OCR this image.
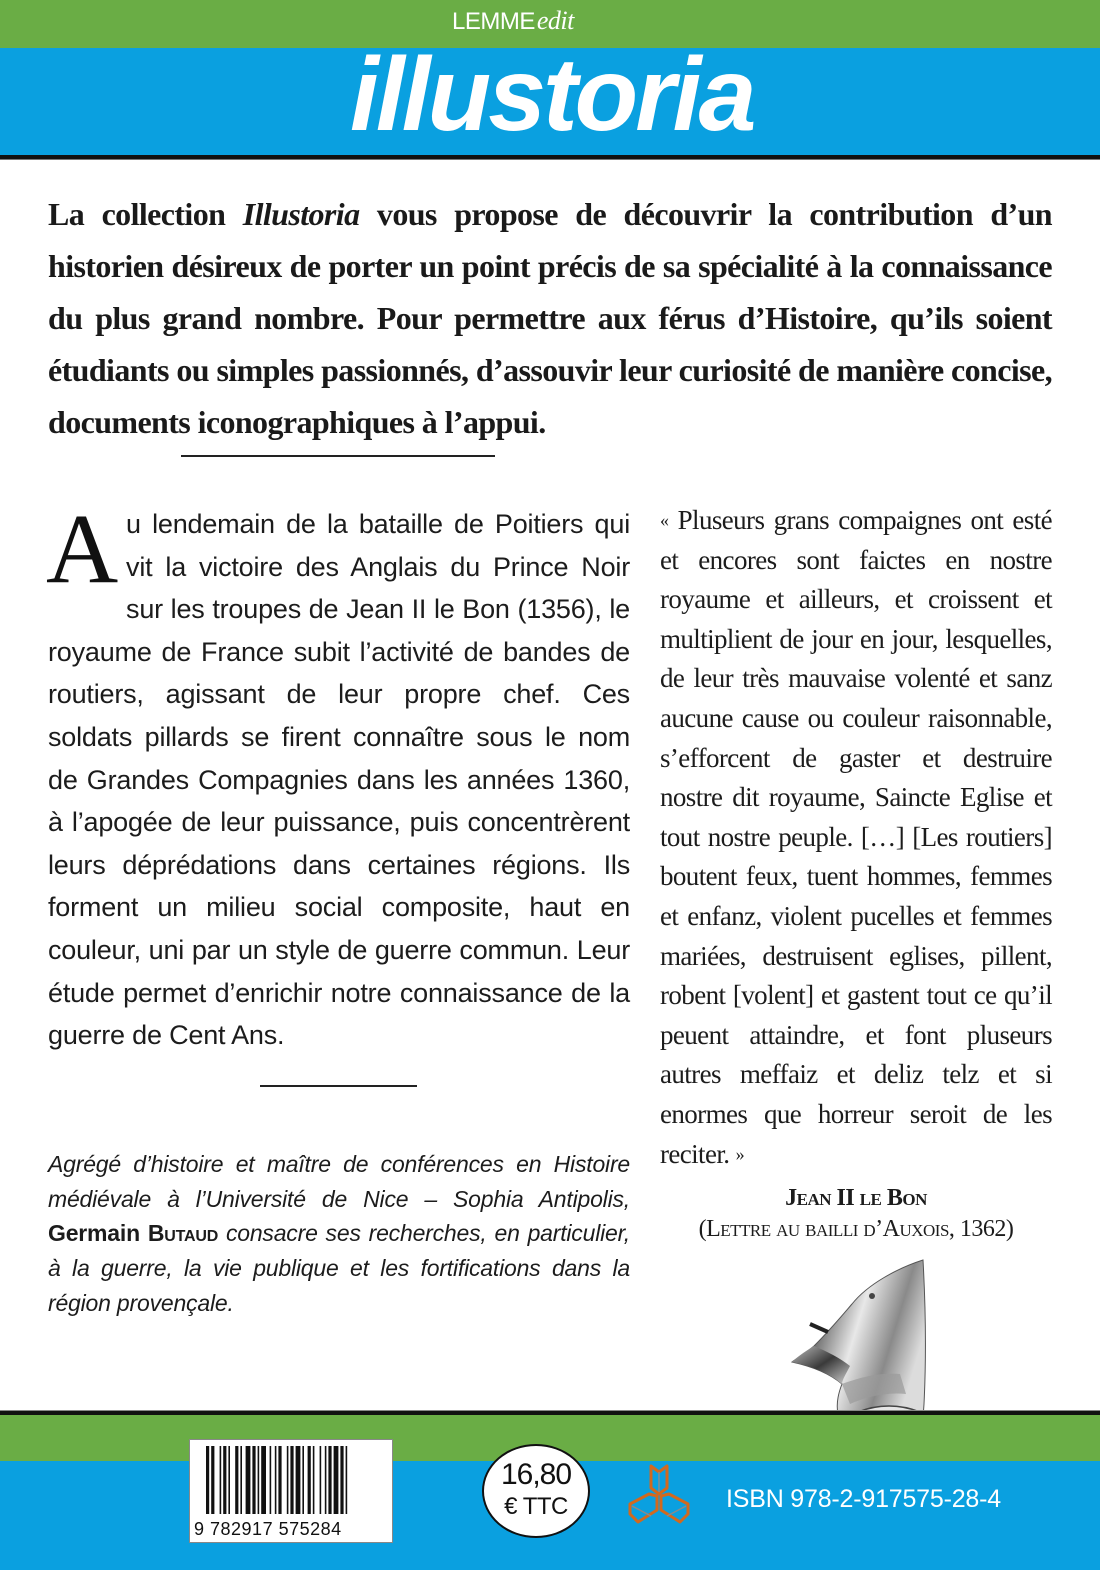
LEMMEedit
illustoria
La collection Illustoria vous propose de découvrir la contribution d’un historien désireux de porter un point précis de sa spécialité à la connaissance du plus grand nombre. Pour permettre aux férus d’Histoire, qu’ils soient étudiants ou simples passionnés, d’assouvir leur curiosité de manière concise, documents iconographiques à l’appui.
Au lendemain de la bataille de Poitiers qui vit la victoire des Anglais du Prince Noir sur les troupes de Jean II le Bon (1356), le royaume de France subit l’activité de bandes de routiers, agissant de leur propre chef. Ces soldats pillards se firent connaître sous le nom de Grandes Compagnies dans les années 1360, à l’apogée de leur puissance, puis concentrèrent leurs déprédations dans certaines régions. Ils forment un milieu social composite, haut en couleur, uni par un style de guerre commun. Leur étude permet d’enrichir notre connaissance de la guerre de Cent Ans.
Agrégé d’histoire et maître de conférences en Histoire médiévale à l’Université de Nice – Sophia Antipolis, Germain Butaud consacre ses recherches, en particulier, à la guerre, la vie publique et les fortifications dans la région provençale.
« Pluseurs grans compaignes ont esté et encores sont faictes en nostre royaume et ailleurs, et croissent et multiplient de jour en jour, lesquelles, de leur très mauvaise volenté et sanz aucune cause ou couleur raisonnable, s’efforcent de gaster et destruire nostre dit royaume, Saincte Eglise et tout nostre peuple. […] [Les routiers] boutent feux, tuent hommes, femmes et enfanz, violent pucelles et femmes mariées, destruisent eglises, pillent, robent [volent] et gastent tout ce qu’il peuent attaindre, et font pluseurs autres meffaiz et deliz telz et si enormes que horreur seroit de les reciter. »
Jean II le Bon
(Lettre au bailli d’Auxois, 1362)
9 782917 575284
16,80
€ TTC	ISBN 978-2-917575-28-4
